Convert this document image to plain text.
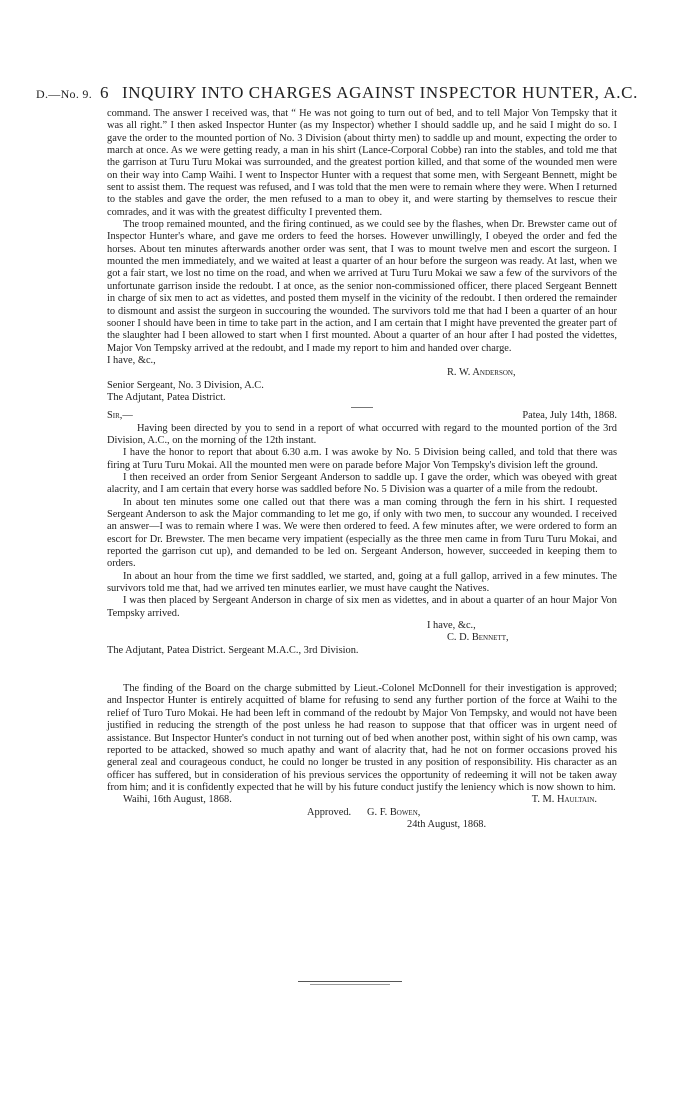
D.—No. 9. 6 INQUIRY INTO CHARGES AGAINST INSPECTOR HUNTER, A.C.

command. The answer I received was, that “ He was not going to turn out of bed, and to tell Major Von Tempsky that it was all right.” I then asked Inspector Hunter (as my Inspector) whether I should saddle up, and he said I might do so. I gave the order to the mounted portion of No. 3 Division (about thirty men) to saddle up and mount, expecting the order to march at once. As we were getting ready, a man in his shirt (Lance-Corporal Cobbe) ran into the stables, and told me that the garrison at Turu Turu Mokai was surrounded, and the greatest portion killed, and that some of the wounded men were on their way into Camp Waihi. I went to Inspector Hunter with a request that some men, with Sergeant Bennett, might be sent to assist them. The request was refused, and I was told that the men were to remain where they were. When I returned to the stables and gave the order, the men refused to a man to obey it, and were starting by themselves to rescue their comrades, and it was with the greatest difficulty I prevented them.

The troop remained mounted, and the firing continued, as we could see by the flashes, when Dr. Brewster came out of Inspector Hunter's whare, and gave me orders to feed the horses. However unwillingly, I obeyed the order and fed the horses. About ten minutes afterwards another order was sent, that I was to mount twelve men and escort the surgeon. I mounted the men immediately, and we waited at least a quarter of an hour before the surgeon was ready. At last, when we got a fair start, we lost no time on the road, and when we arrived at Turu Turu Mokai we saw a few of the survivors of the unfortunate garrison inside the redoubt. I at once, as the senior non-commissioned officer, there placed Sergeant Bennett in charge of six men to act as videttes, and posted them myself in the vicinity of the redoubt. I then ordered the remainder to dismount and assist the surgeon in succouring the wounded. The survivors told me that had I been a quarter of an hour sooner I should have been in time to take part in the action, and I am certain that I might have prevented the greater part of the slaughter had I been allowed to start when I first mounted. About a quarter of an hour after I had posted the videttes, Major Von Tempsky arrived at the redoubt, and I made my report to him and handed over charge.

I have, &c.,

R. W. Anderson,

Senior Sergeant, No. 3 Division, A.C.

The Adjutant, Patea District.

Sir,—	Patea, July 14th, 1868.

Having been directed by you to send in a report of what occurred with regard to the mounted portion of the 3rd Division, A.C., on the morning of the 12th instant.

I have the honor to report that about 6.30 a.m. I was awoke by No. 5 Division being called, and told that there was firing at Turu Turu Mokai. All the mounted men were on parade before Major Von Tempsky's division left the ground.

I then received an order from Senior Sergeant Anderson to saddle up. I gave the order, which was obeyed with great alacrity, and I am certain that every horse was saddled before No. 5 Division was a quarter of a mile from the redoubt.

In about ten minutes some one called out that there was a man coming through the fern in his shirt. I requested Sergeant Anderson to ask the Major commanding to let me go, if only with two men, to succour any wounded. I received an answer—I was to remain where I was. We were then ordered to feed. A few minutes after, we were ordered to form an escort for Dr. Brewster. The men became very impatient (especially as the three men came in from Turu Turu Mokai, and reported the garrison cut up), and demanded to be led on. Sergeant Anderson, however, succeeded in keeping them to orders.

In about an hour from the time we first saddled, we started, and, going at a full gallop, arrived in a few minutes. The survivors told me that, had we arrived ten minutes earlier, we must have caught the Natives.

I was then placed by Sergeant Anderson in charge of six men as videttes, and in about a quarter of an hour Major Von Tempsky arrived.

I have, &c.,

C. D. Bennett,

The Adjutant, Patea District. Sergeant M.A.C., 3rd Division.

The finding of the Board on the charge submitted by Lieut.-Colonel McDonnell for their investigation is approved; and Inspector Hunter is entirely acquitted of blame for refusing to send any further portion of the force at Waihi to the relief of Turo Turo Mokai. He had been left in command of the redoubt by Major Von Tempsky, and would not have been justified in reducing the strength of the post unless he had reason to suppose that that officer was in urgent need of assistance. But Inspector Hunter's conduct in not turning out of bed when another post, within sight of his own camp, was reported to be attacked, showed so much apathy and want of alacrity that, had he not on former occasions proved his general zeal and courageous conduct, he could no longer be trusted in any position of responsibility. His character as an officer has suffered, but in consideration of his previous services the opportunity of redeeming it will not be taken away from him; and it is confidently expected that he will by his future conduct justify the leniency which is now shown to him.

Waihi, 16th August, 1868.	T. M. Haultain.
Approved. G. F. Bowen,
24th August, 1868.
